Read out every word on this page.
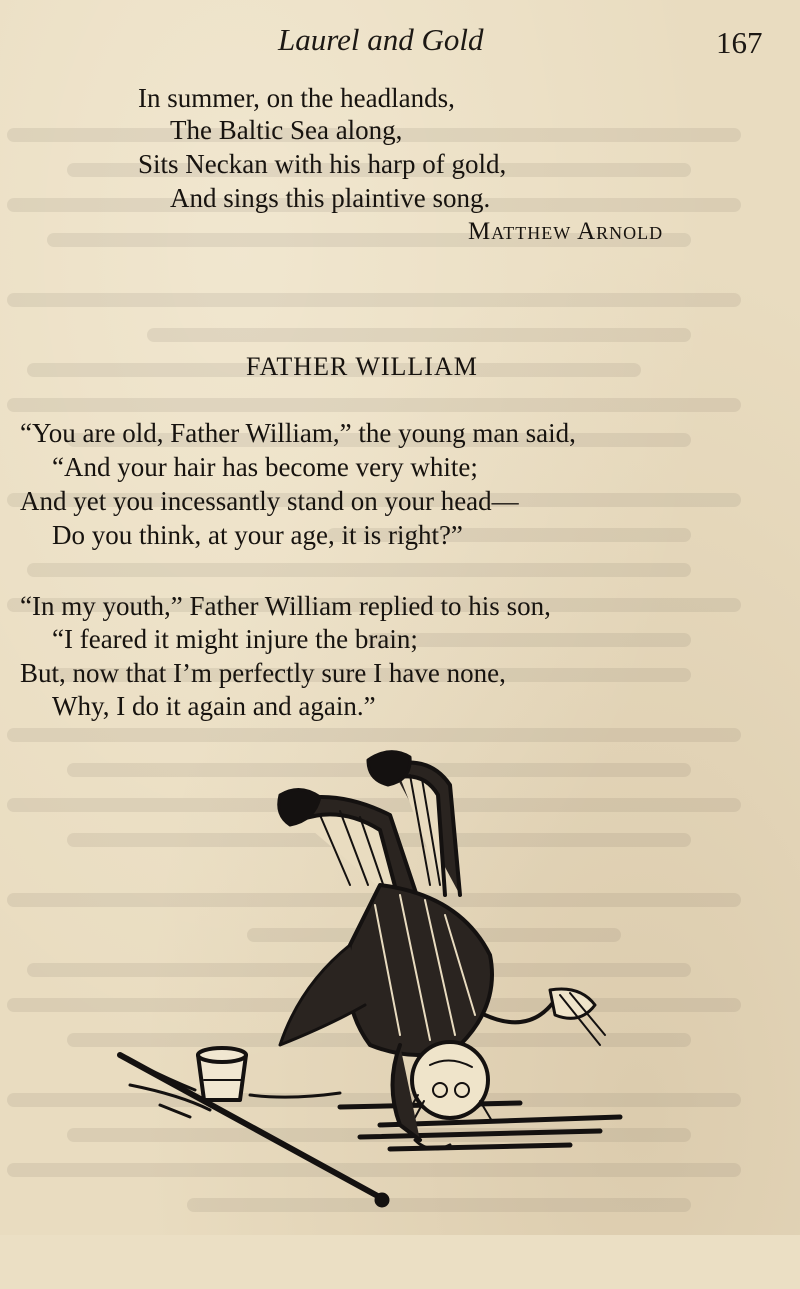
Laurel and Gold	167
In summer, on the headlands,
The Baltic Sea along,
Sits Neckan with his harp of gold,
And sings this plaintive song.
Matthew Arnold
FATHER WILLIAM
“You are old, Father William,” the young man said,
“And your hair has become very white;
And yet you incessantly stand on your head—
Do you think, at your age, it is right?”
“In my youth,” Father William replied to his son,
“I feared it might injure the brain;
But, now that I’m perfectly sure I have none,
Why, I do it again and again.”
